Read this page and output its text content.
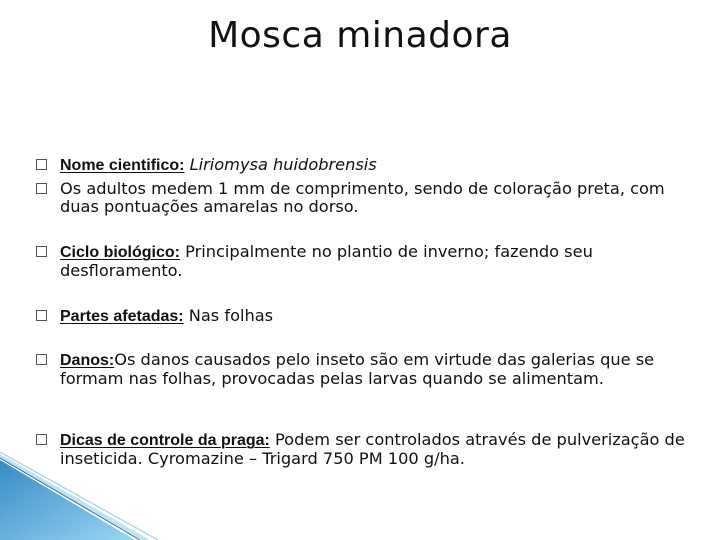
Mosca minadora
Nome cientifico: Liriomysa huidobrensis
Os adultos medem 1 mm de comprimento, sendo de coloração preta, com duas pontuações amarelas no dorso.
Ciclo biológico: Principalmente no plantio de inverno; fazendo seu desfloramento.
Partes afetadas: Nas folhas
Danos:Os danos causados pelo inseto são em virtude das galerias que se formam nas folhas, provocadas pelas larvas quando se alimentam.
Dicas de controle da praga: Podem ser controlados através de pulverização de inseticida. Cyromazine – Trigard 750 PM 100 g/ha.
